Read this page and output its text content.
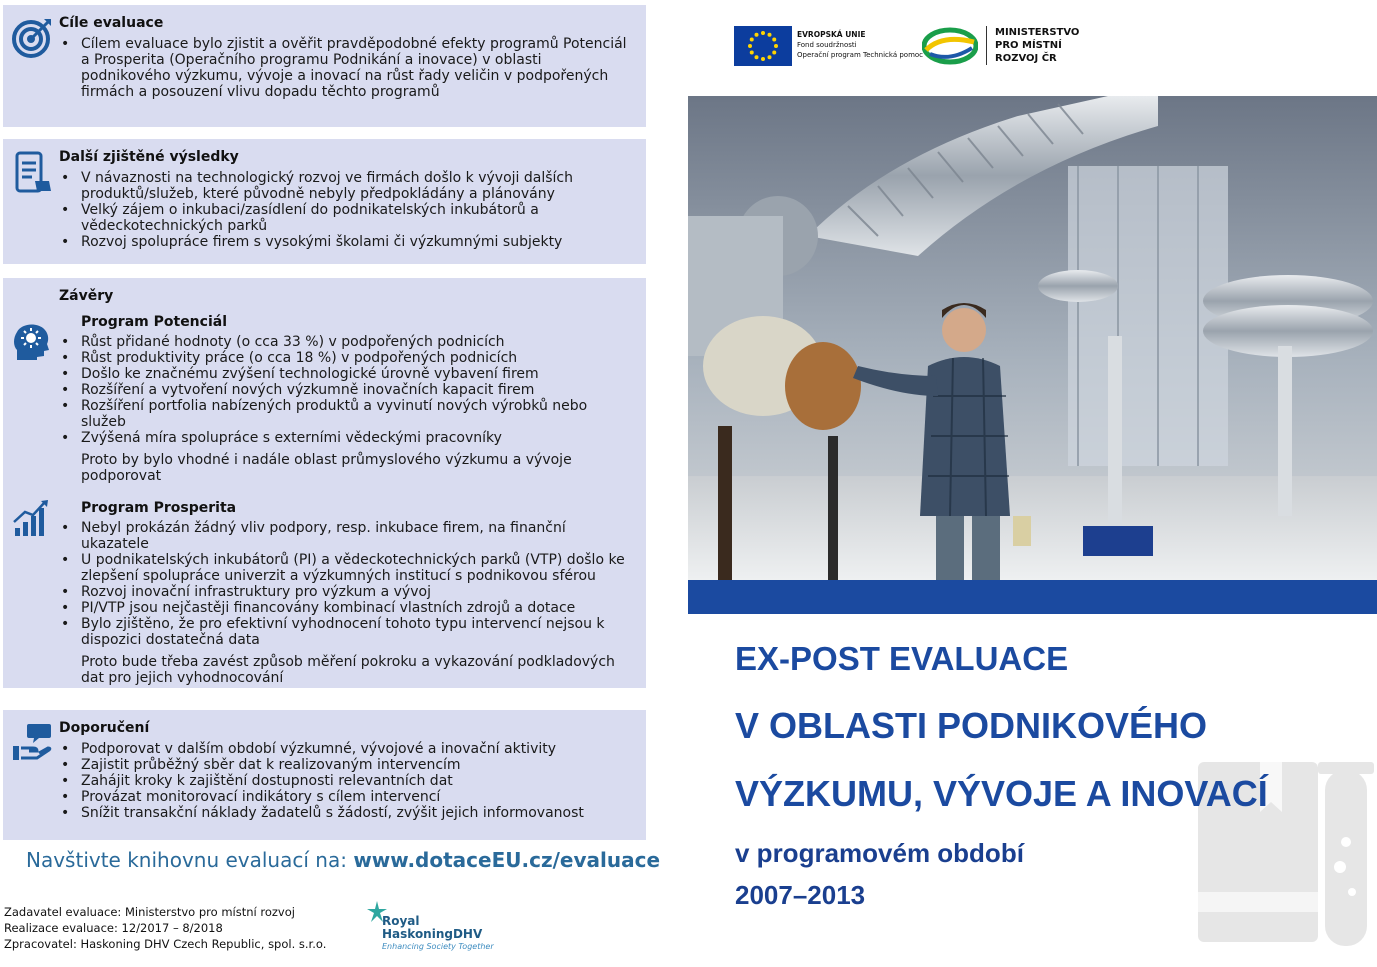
Cíle evaluace
• Cílem evaluace bylo zjistit a ověřit pravděpodobné efekty programů Potenciál a Prosperita (Operačního programu Podnikání a inovace) v oblasti podnikového výzkumu, vývoje a inovací na růst řady veličin v podpořených firmách a posouzení vlivu dopadu těchto programů
Další zjištěné výsledky
• V návaznosti na technologický rozvoj ve firmách došlo k vývoji dalších produktů/služeb, které původně nebyly předpokládány a plánovány
• Velký zájem o inkubaci/zasídlení do podnikatelských inkubátorů a vědeckotechnických parků
• Rozvoj spolupráce firem s vysokými školami či výzkumnými subjekty
Závěry
Program Potenciál
• Růst přidané hodnoty (o cca 33 %) v podpořených podnicích
• Růst produktivity práce (o cca 18 %) v podpořených podnicích
• Došlo ke značnému zvýšení technologické úrovně vybavení firem
• Rozšíření a vytvoření nových výzkumně inovačních kapacit firem
• Rozšíření portfolia nabízených produktů a vyvinutí nových výrobků nebo služeb
• Zvýšená míra spolupráce s externími vědeckými pracovníky
Proto by bylo vhodné i nadále oblast průmyslového výzkumu a vývoje podporovat
Program Prosperita
• Nebyl prokázán žádný vliv podpory, resp. inkubace firem, na finanční ukazatele
• U podnikatelských inkubátorů (PI) a vědeckotechnických parků (VTP) došlo ke zlepšení spolupráce univerzit a výzkumných institucí s podnikovou sférou
• Rozvoj inovační infrastruktury pro výzkum a vývoj
• PI/VTP jsou nejčastěji financovány kombinací vlastních zdrojů a dotace
• Bylo zjištěno, že pro efektivní vyhodnocení tohoto typu intervencí nejsou k dispozici dostatečná data
Proto bude třeba zavést způsob měření pokroku a vykazování podkladových dat pro jejich vyhodnocování
Doporučení
• Podporovat v dalším období výzkumné, vývojové a inovační aktivity
• Zajistit průběžný sběr dat k realizovaným intervencím
• Zahájit kroky k zajištění dostupnosti relevantních dat
• Provázat monitorovací indikátory s cílem intervencí
• Snížit transakční náklady žadatelů s žádostí, zvýšit jejich informovanost
Navštivte knihovnu evaluací na: www.dotaceEU.cz/evaluace
Zadavatel evaluace: Ministerstvo pro místní rozvoj
Realizace evaluace: 12/2017 – 8/2018
Zpracovatel: Haskoning DHV Czech Republic, spol. s.r.o.
Royal
HaskoningDHV
Enhancing Society Together
EVROPSKÁ UNIE
Fond soudržnosti
Operační program Technická pomoc
MINISTERSTVO
PRO MÍSTNÍ
ROZVOJ ČR
EX-POST EVALUACE
V OBLASTI PODNIKOVÉHO
VÝZKUMU, VÝVOJE A INOVACÍ
v programovém období
2007–2013
